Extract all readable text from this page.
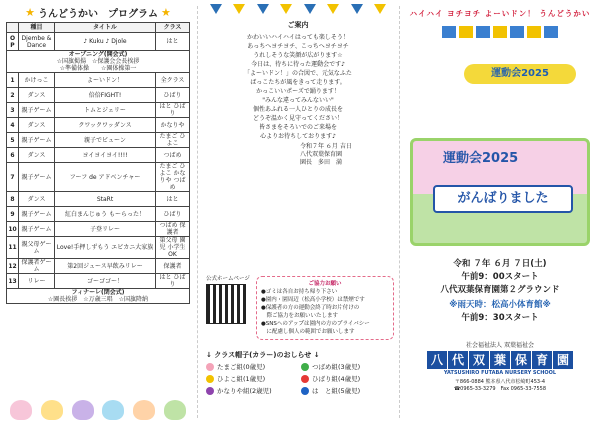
★ うんどうかい　プログラム ★
	種目	タイトル	クラス
O P	Djembe & Dance	♪ Kuku ♪ Djole	はと

オープニング(開会式)
☆国旗掲揚　☆保護会会長挨拶
☆準備体操　　☆園体操第一			

1	かけっこ	よーいドン！	全クラス
2	ダンス	倍倍FIGHT!	ひばり
3	親子ゲーム	トムとジェリー	はと ひばり
4	ダンス	クワックワッダンス	かなりや
5	親子ゲーム	親子でビューン	たまご ひよこ
6	ダンス	ヨイヨイヨイ!!!!	つばめ
7	親子ゲーム	フーフ de アドベンチャー	たまご ひよこ かなりや つばめ
8	ダンス	StaRt	はと
9	親子ゲーム	紅白まんじゅう もーらった！	ひばり
10	親子ゲーム	子登リレー	つばめ 保護者
11	親父母ゲーム	Love!手押しずもう エビカニ大家族	第父母 園児 小学生OK
12	保護者ゲーム	第2回ジュース早飲みリレー	保護者
13	リレー	ゴーゴゴー！	はと ひばり

フィナーレ(閉会式)
☆園長挨拶　☆万歳三唱　☆国旗降納			
ご案内
かわいいハイハイはっても楽しそう！
あっちへヨチヨチ、こっちへヨチヨチ
うれしそうな笑顔が広がります☆
今日は、待ちに待った運動会です♪
「よーいドン！」の合図で、元気なふた
ばっこたちが風をきって走ります。
かっこいいポーズで踊ります！
"みんな違ってみんないい"
個性あふれる一人ひとりの成長を
どうぞ温かく見守ってください！
皆さまをそろいでのご来場を
心よりお待ちしております♪
令和７年 ６月 吉日
八代双葉保育園
園長　多田　満
公式ホームページ
ご協力お願い
●ゴミは各自お持ち帰り下さい
●園内・園周辺（松高小学校）は禁煙です
●保護者の方の運動会終了時お片付けの
　際ご協力をお願いいたします
●SNSへのアップは園内の方のプライバシー
　に配慮し個人の範囲でお願いします
↓ クラス帽子(カラー)のおしらせ ↓
たまご組(0歳児)	つばめ組(3歳児)
ひよこ組(1歳児)	ひばり組(4歳児)
かなりや組(2歳児)	は　と組(5歳児)
ハイハイ ヨチヨチ よーいドン！ うんどうかい
運動会2025
運動会2025
がんばりました
令和 ７年 ６月 ７日(土)
午前9：00スタート
八代双葉保育園第２グラウンド
※雨天時：松高小体育館※
午前9：30スタート
社会福祉法人 双葉福祉会
八 代 双 葉 保 育 園
YATSUSHIRO FUTABA NURSERY SCHOOL
〒866-0884 熊本県八代市松崎町453-4
☎0965-33-3279　Fax 0965-33-7558
